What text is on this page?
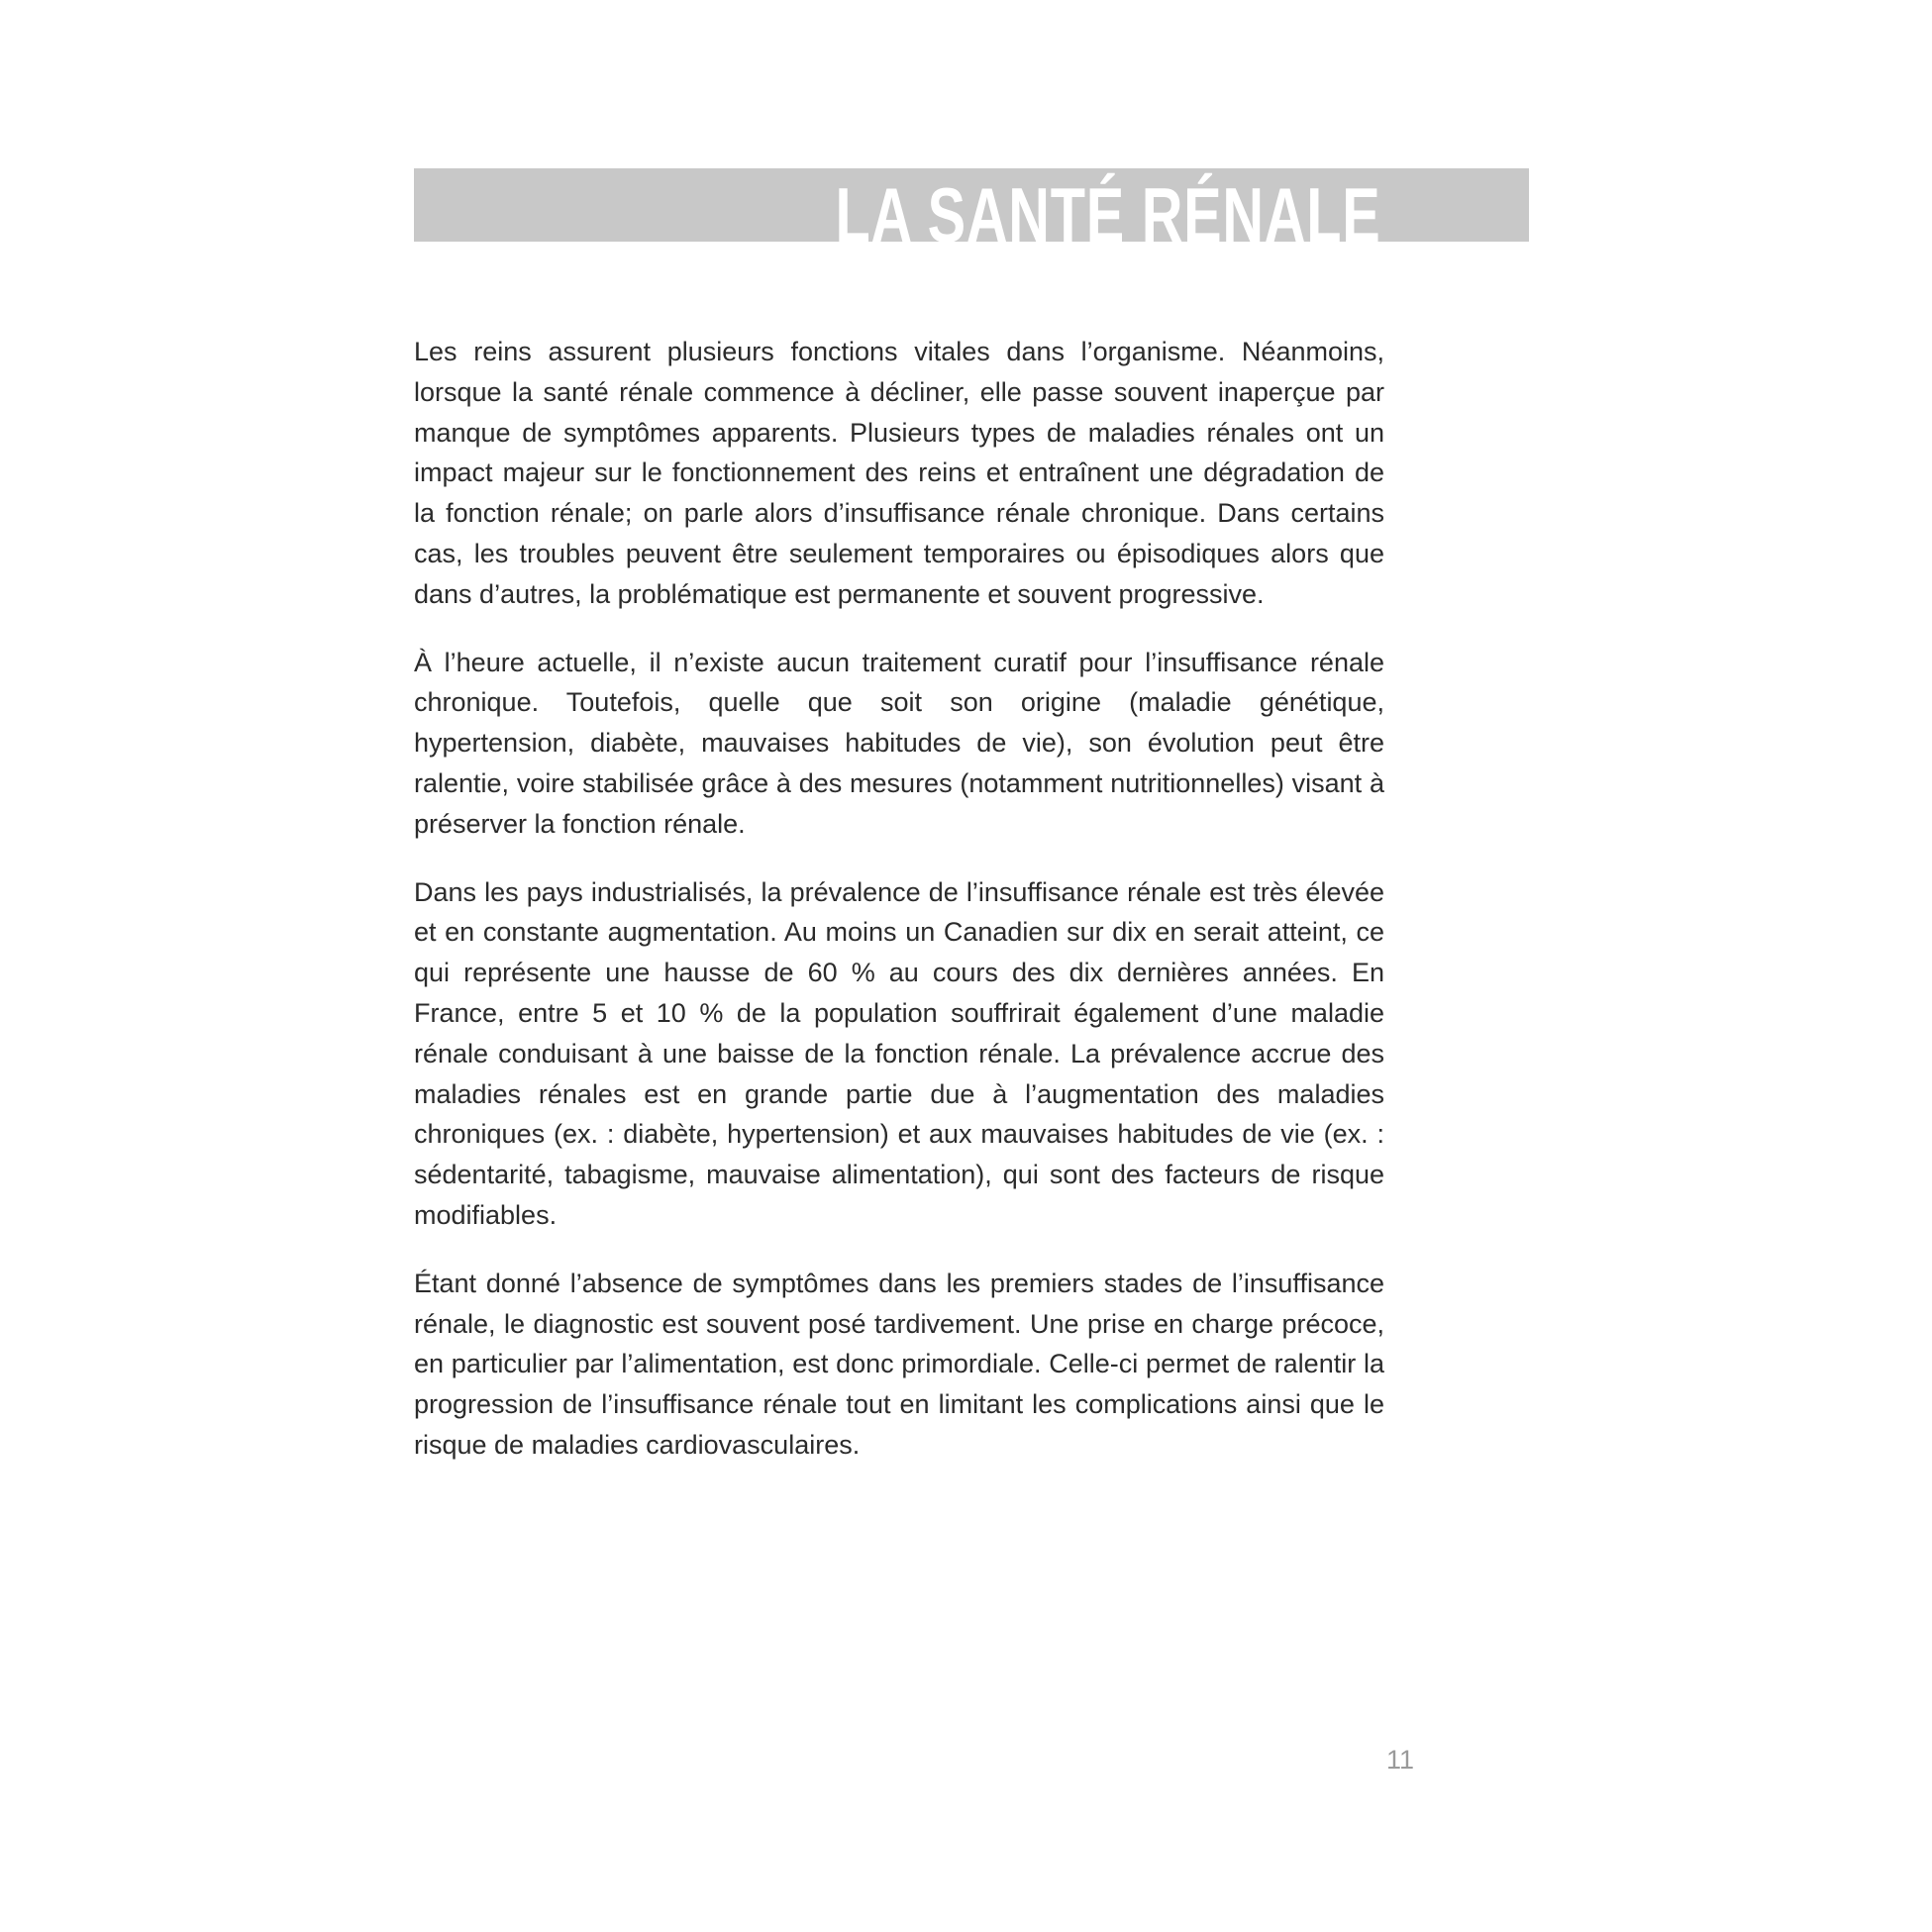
LA SANTÉ RÉNALE

Les reins assurent plusieurs fonctions vitales dans l’organisme. Néanmoins, lorsque la santé rénale commence à décliner, elle passe souvent inaperçue par manque de symptômes apparents. Plusieurs types de maladies rénales ont un impact majeur sur le fonctionnement des reins et entraînent une dégradation de la fonction rénale; on parle alors d’insuffisance rénale chronique. Dans certains cas, les troubles peuvent être seulement temporaires ou épisodiques alors que dans d’autres, la problématique est permanente et souvent progressive.

À l’heure actuelle, il n’existe aucun traitement curatif pour l’insuffisance rénale chronique. Toutefois, quelle que soit son origine (maladie génétique, hypertension, diabète, mauvaises habitudes de vie), son évolution peut être ralentie, voire stabilisée grâce à des mesures (notamment nutritionnelles) visant à préserver la fonction rénale.

Dans les pays industrialisés, la prévalence de l’insuffisance rénale est très élevée et en constante augmentation. Au moins un Canadien sur dix en serait atteint, ce qui représente une hausse de 60 % au cours des dix dernières années. En France, entre 5 et 10 % de la population souffrirait également d’une maladie rénale conduisant à une baisse de la fonction rénale. La prévalence accrue des maladies rénales est en grande partie due à l’augmentation des maladies chroniques (ex. : diabète, hypertension) et aux mauvaises habitudes de vie (ex. : sédentarité, tabagisme, mauvaise alimentation), qui sont des facteurs de risque modifiables.

Étant donné l’absence de symptômes dans les premiers stades de l’insuffisance rénale, le diagnostic est souvent posé tardivement. Une prise en charge précoce, en particulier par l’alimentation, est donc primordiale. Celle-ci permet de ralentir la progression de l’insuffisance rénale tout en limitant les complications ainsi que le risque de maladies cardiovasculaires.

11
